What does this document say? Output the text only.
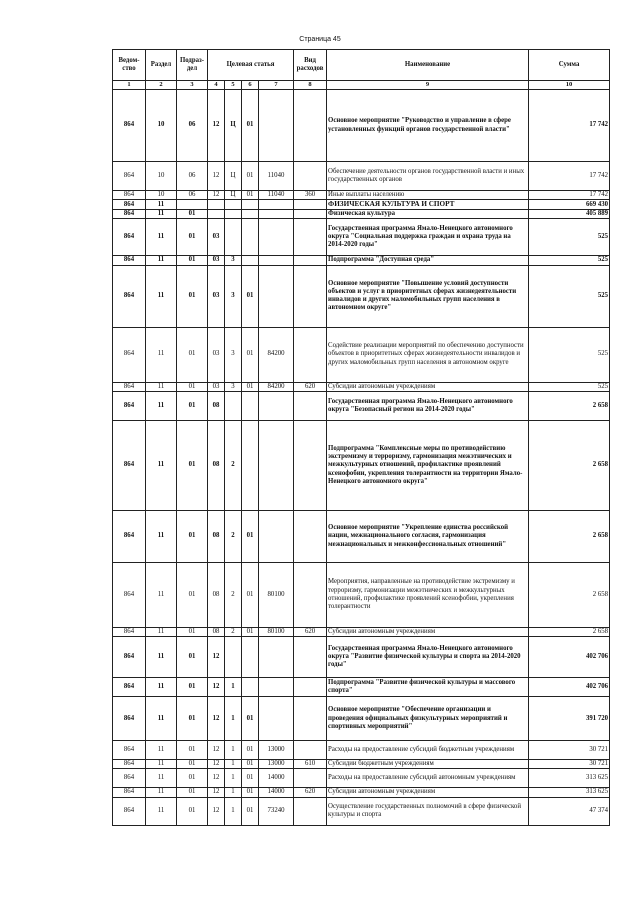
Страница 45
Ведом-ство	Раздел	Подраз-дел	Целевая статья				Вид расходов	Наименование	Сумма
1	2	3	4	5	6	7	8	9	10
864	10	06	12	Ц	01			Основное мероприятие "Руководство и управление в сфере установленных функций органов государственной власти"	17 742
864	10	06	12	Ц	01	11040		Обеспечение деятельности органов государственной власти и иных государственных органов	17 742
864	10	06	12	Ц	01	11040	360	Иные выплаты населению	17 742
864	11							ФИЗИЧЕСКАЯ КУЛЬТУРА И СПОРТ	669 430
864	11	01						Физическая культура	405 889
864	11	01	03					Государственная программа Ямало-Ненецкого автономного округа "Социальная поддержка граждан и охрана труда на 2014-2020 годы"	525
864	11	01	03	3				Подпрограмма "Доступная среда"	525
864	11	01	03	3	01			Основное мероприятие "Повышение условий доступности объектов и услуг в приоритетных сферах жизнедеятельности инвалидов и других маломобильных групп населения в автономном округе"	525
864	11	01	03	3	01	84200		Содействие реализации мероприятий по обеспечению доступности объектов в приоритетных сферах жизнедеятельности инвалидов и других маломобильных групп населения в автономном округе	525
864	11	01	03	3	01	84200	620	Субсидии автономным учреждениям	525
864	11	01	08					Государственная программа Ямало-Ненецкого автономного округа "Безопасный регион на 2014-2020 годы"	2 658
864	11	01	08	2				Подпрограмма "Комплексные меры по противодействию экстремизму и терроризму, гармонизация межэтнических и межкультурных отношений, профилактике проявлений ксенофобии, укрепления толерантности на территории Ямало-Ненецкого автономного округа"	2 658
864	11	01	08	2	01			Основное мероприятие "Укрепление единства российской нации, межнационального согласия, гармонизация межнациональных и межконфессиональных отношений"	2 658
864	11	01	08	2	01	80100		Мероприятия, направленные на противодействие экстремизму и терроризму, гармонизации межэтнических и межкультурных отношений, профилактике проявлений ксенофобии, укрепления толерантности	2 658
864	11	01	08	2	01	80100	620	Субсидии автономным учреждениям	2 658
864	11	01	12					Государственная программа Ямало-Ненецкого автономного округа "Развитие физической культуры и спорта на 2014-2020 годы"	402 706
864	11	01	12	1				Подпрограмма "Развитие физической культуры и массового спорта"	402 706
864	11	01	12	1	01			Основное мероприятие "Обеспечение организации и проведения официальных физкультурных мероприятий и спортивных мероприятий"	391 720
864	11	01	12	1	01	13000		Расходы на предоставление субсидий бюджетным учреждениям	30 721
864	11	01	12	1	01	13000	610	Субсидии бюджетным учреждениям	30 721
864	11	01	12	1	01	14000		Расходы на предоставление субсидий автономным учреждениям	313 625
864	11	01	12	1	01	14000	620	Субсидии автономным учреждениям	313 625
864	11	01	12	1	01	73240		Осуществление государственных полномочий в сфере физической культуры и спорта	47 374
